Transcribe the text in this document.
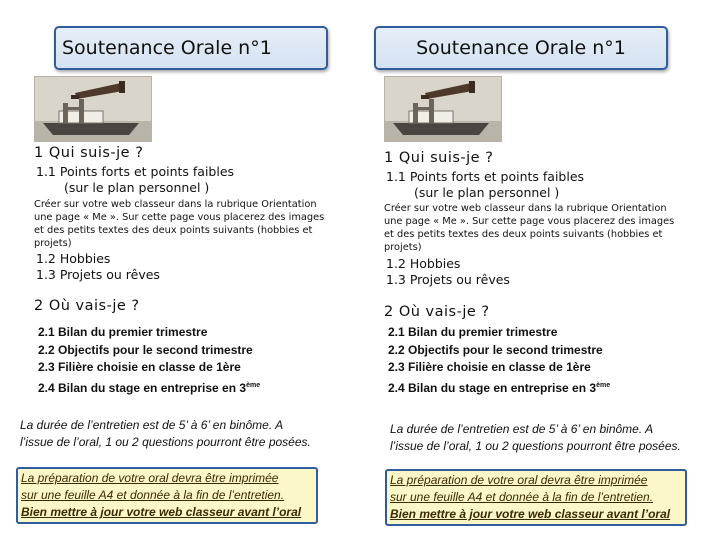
Soutenance Orale n°1
1 Qui suis-je ?
1.1 Points forts et points faibles
(sur le plan personnel )
Créer sur votre web classeur dans la rubrique Orientation une page « Me ». Sur cette page vous placerez des images et des petits textes des deux points suivants (hobbies et projets)
1.2 Hobbies
1.3 Projets ou rêves
2 Où vais-je ?
2.1 Bilan du premier trimestre
2.2 Objectifs pour le second trimestre
2.3 Filière choisie en classe de 1ère
2.4 Bilan du stage en entreprise en 3ème
La durée de l’entretien est de 5’ à 6’ en binôme. A l’issue de l’oral, 1 ou 2 questions pourront être posées.
La préparation de votre oral devra être imprimée
sur une feuille A4 et donnée à la fin de l’entretien.
Bien mettre à jour votre web classeur avant l’oral
Soutenance Orale n°1
1 Qui suis-je ?
1.1 Points forts et points faibles
(sur le plan personnel )
Créer sur votre web classeur dans la rubrique Orientation une page « Me ». Sur cette page vous placerez des images et des petits textes des deux points suivants (hobbies et projets)
1.2 Hobbies
1.3 Projets ou rêves
2 Où vais-je ?
2.1 Bilan du premier trimestre
2.2 Objectifs pour le second trimestre
2.3 Filière choisie en classe de 1ère
2.4 Bilan du stage en entreprise en 3ème
La durée de l’entretien est de 5’ à 6’ en binôme. A l’issue de l’oral, 1 ou 2 questions pourront être posées.
La préparation de votre oral devra être imprimée
sur une feuille A4 et donnée à la fin de l’entretien.
Bien mettre à jour votre web classeur avant l’oral
